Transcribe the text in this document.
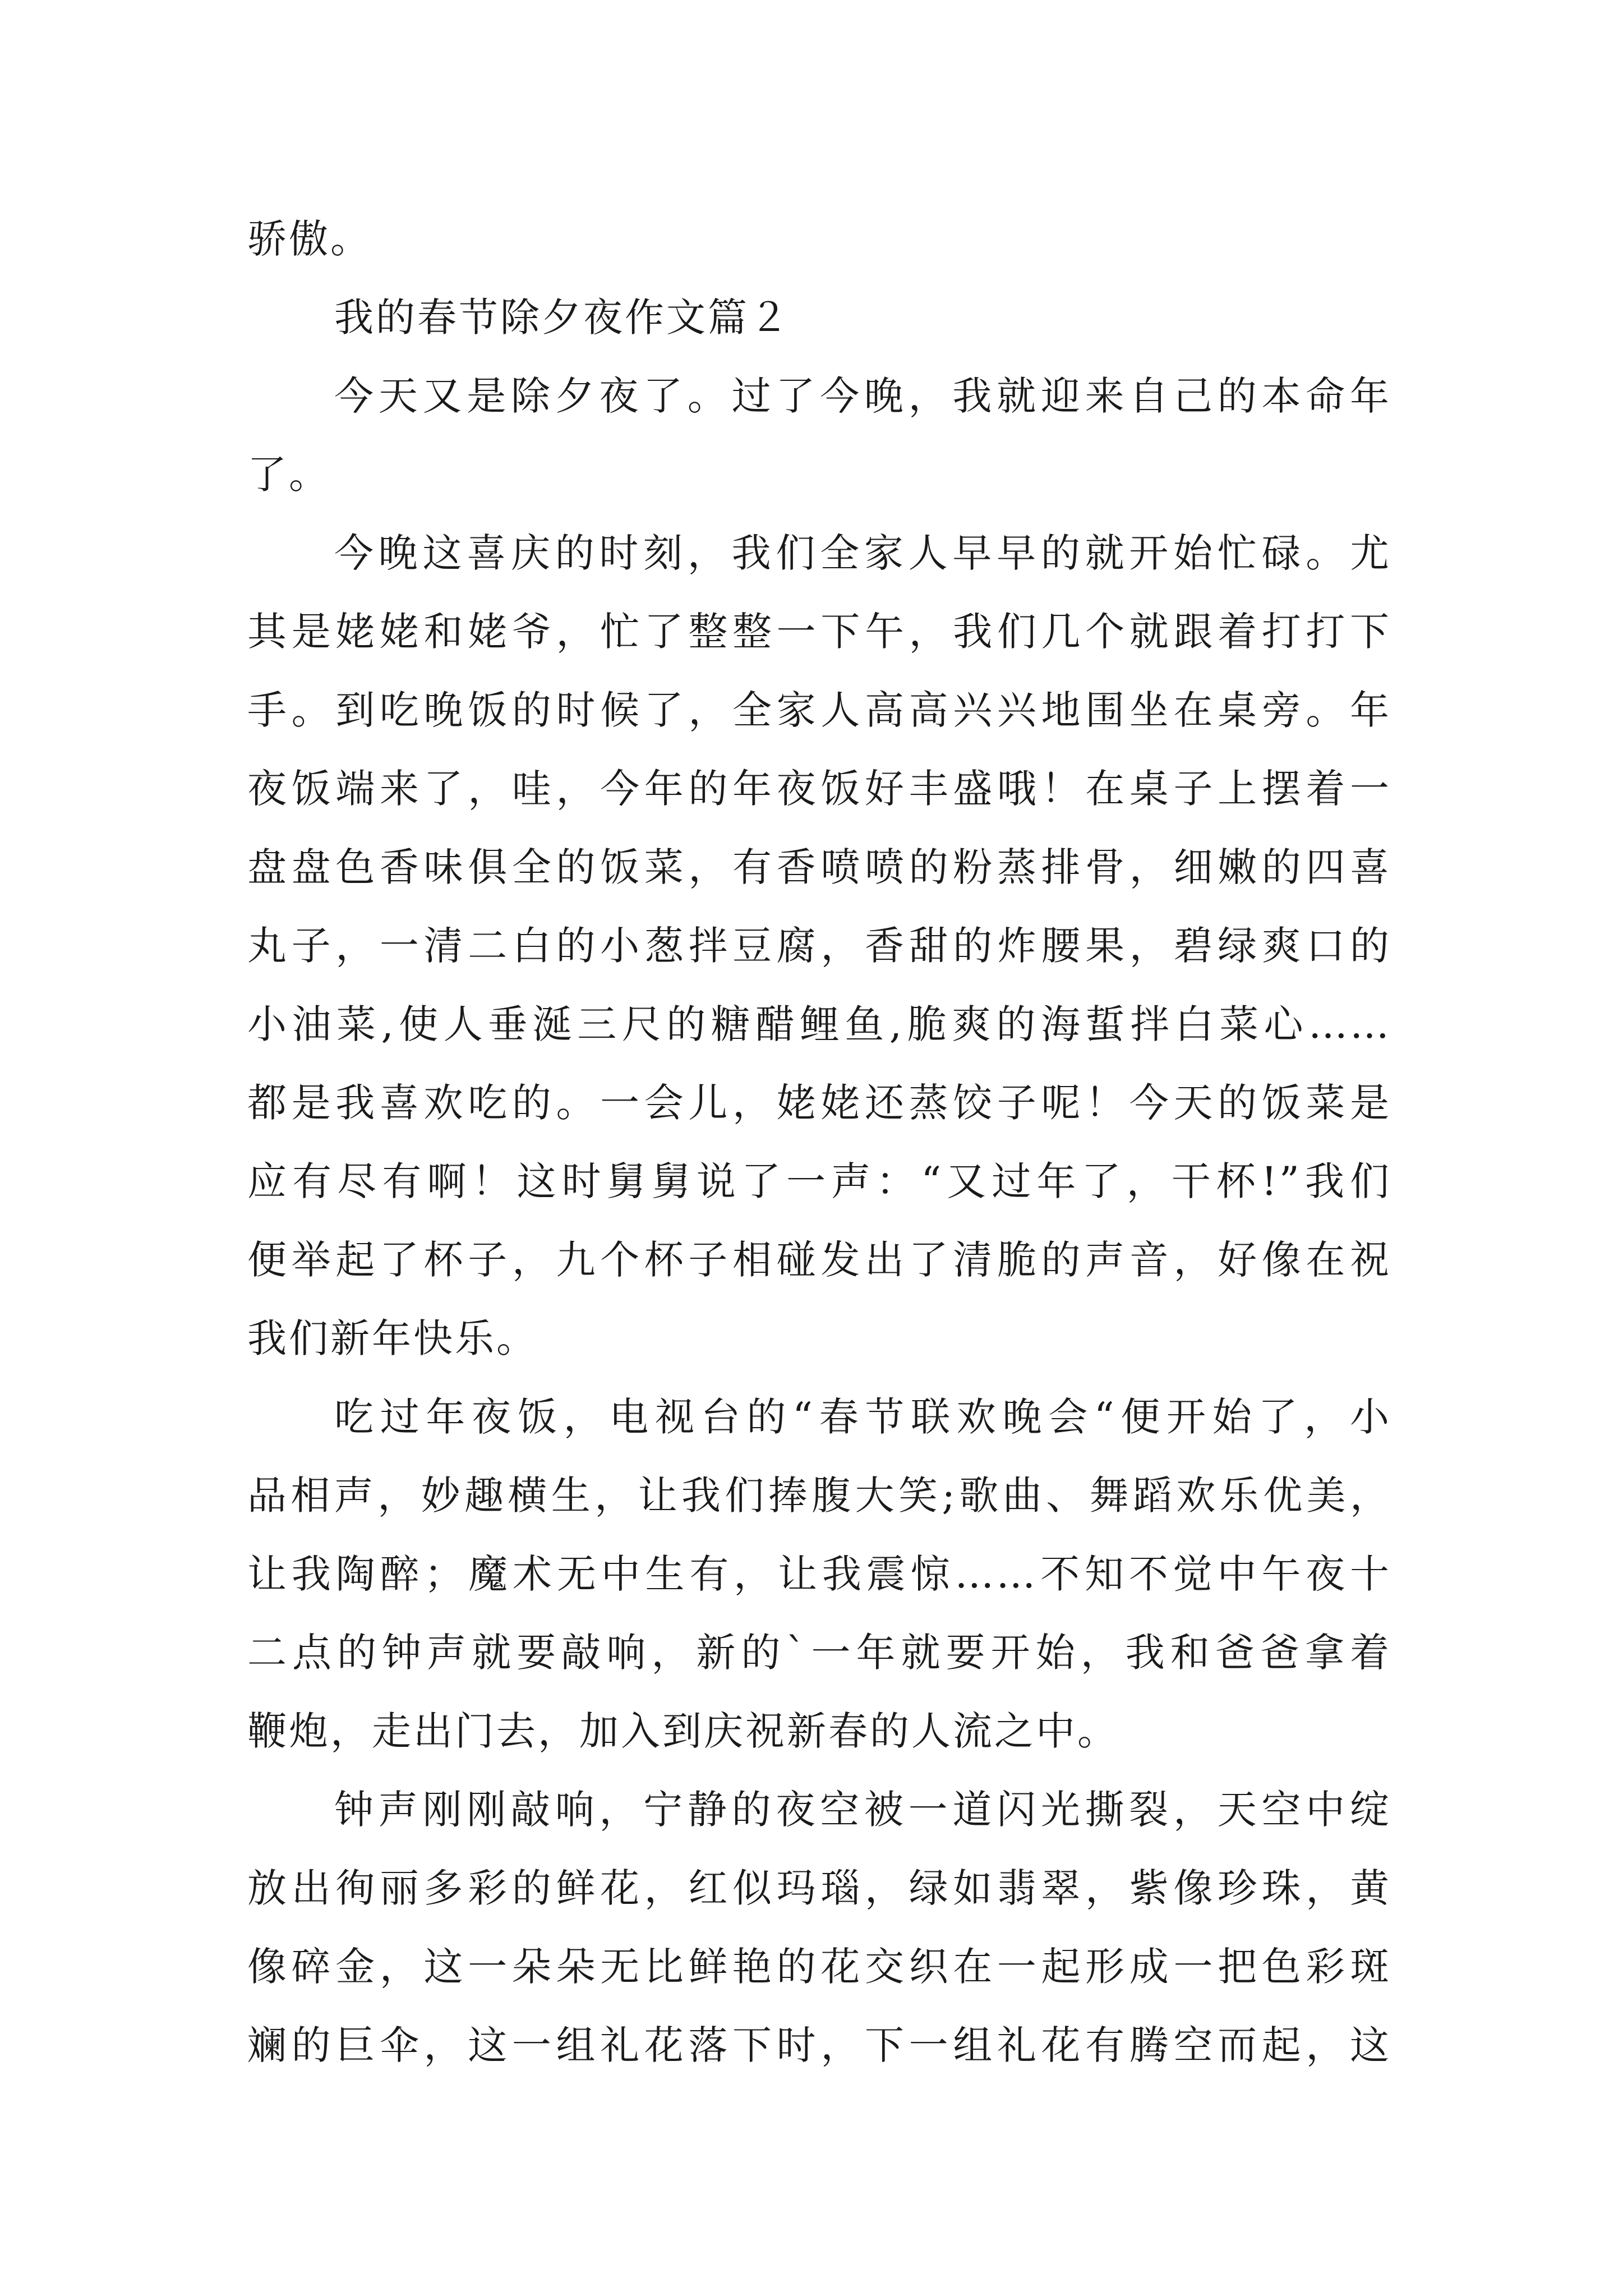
骄傲。
我的春节除夕夜作文篇２
今天又是除夕夜了。过了今晚，我就迎来自己的本命年
了。
今晚这喜庆的时刻，我们全家人早早的就开始忙碌。尤
其是姥姥和姥爷，忙了整整一下午，我们几个就跟着打打下
手。到吃晚饭的时候了，全家人高高兴兴地围坐在桌旁。年
夜饭端来了，哇，今年的年夜饭好丰盛哦！在桌子上摆着一
盘盘色香味俱全的饭菜，有香喷喷的粉蒸排骨，细嫩的四喜
丸子，一清二白的小葱拌豆腐，香甜的炸腰果，碧绿爽口的
小油菜,使人垂涎三尺的糖醋鲤鱼,脆爽的海蜇拌白菜心……
都是我喜欢吃的。一会儿，姥姥还蒸饺子呢！今天的饭菜是
应有尽有啊！这时舅舅说了一声：“又过年了，干杯!”我们
便举起了杯子，九个杯子相碰发出了清脆的声音，好像在祝
我们新年快乐。
吃过年夜饭，电视台的“春节联欢晚会“便开始了，小
品相声，妙趣横生，让我们捧腹大笑;歌曲、舞蹈欢乐优美，
让我陶醉；魔术无中生有，让我震惊……不知不觉中午夜十
二点的钟声就要敲响，新的`一年就要开始，我和爸爸拿着
鞭炮，走出门去，加入到庆祝新春的人流之中。
钟声刚刚敲响，宁静的夜空被一道闪光撕裂，天空中绽
放出徇丽多彩的鲜花，红似玛瑙，绿如翡翠，紫像珍珠，黄
像碎金，这一朵朵无比鲜艳的花交织在一起形成一把色彩斑
斓的巨伞，这一组礼花落下时，下一组礼花有腾空而起，这
